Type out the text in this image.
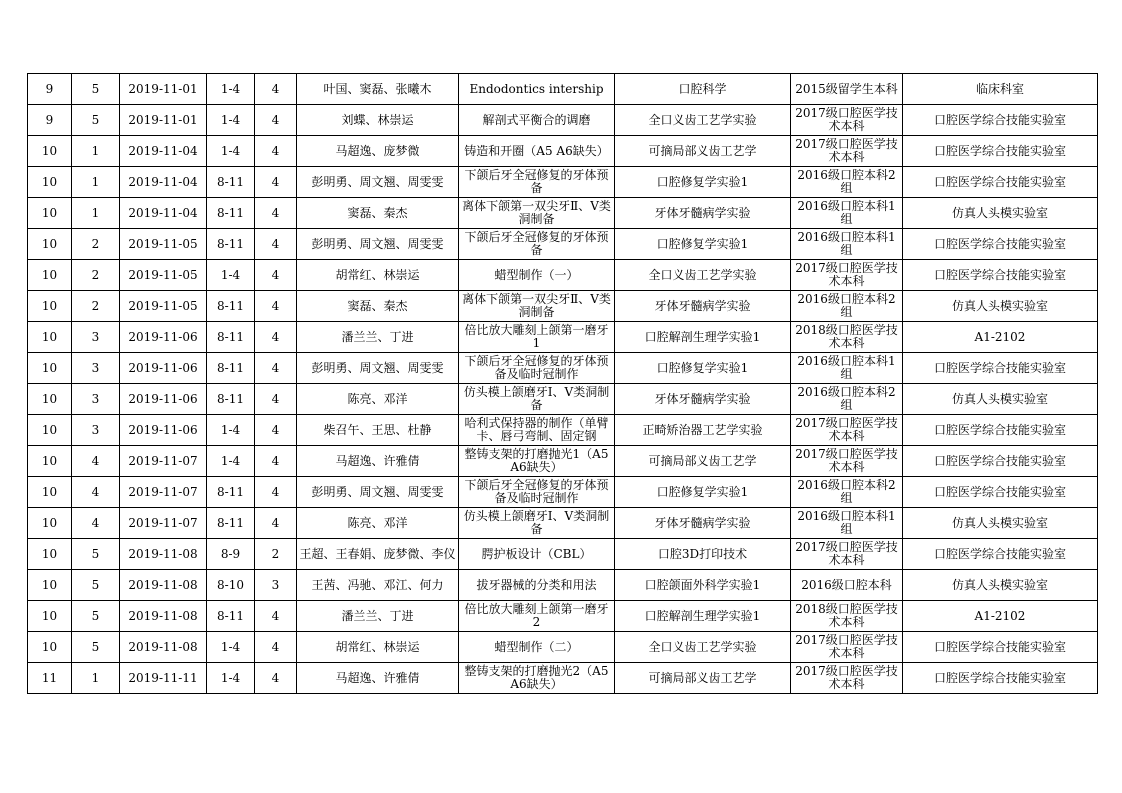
9	5	2019-11-01	1-4	4	叶国、窦磊、张曦木	Endodontics intership	口腔科学	2015级留学生本科	临床科室
9	5	2019-11-01	1-4	4	刘蝶、林崇运	解剖式平衡合的调磨	全口义齿工艺学实验	2017级口腔医学技术本科	口腔医学综合技能实验室
10	1	2019-11-04	1-4	4	马超逸、庞梦微	铸造和开圈（A5 A6缺失）	可摘局部义齿工艺学	2017级口腔医学技术本科	口腔医学综合技能实验室
10	1	2019-11-04	8-11	4	彭明勇、周文翘、周雯雯	下颌后牙全冠修复的牙体预备	口腔修复学实验1	2016级口腔本科2组	口腔医学综合技能实验室
10	1	2019-11-04	8-11	4	窦磊、秦杰	离体下颌第一双尖牙Ⅱ、Ⅴ类洞制备	牙体牙髓病学实验	2016级口腔本科1组	仿真人头模实验室
10	2	2019-11-05	8-11	4	彭明勇、周文翘、周雯雯	下颌后牙全冠修复的牙体预备	口腔修复学实验1	2016级口腔本科1组	口腔医学综合技能实验室
10	2	2019-11-05	1-4	4	胡常红、林崇运	蜡型制作（一）	全口义齿工艺学实验	2017级口腔医学技术本科	口腔医学综合技能实验室
10	2	2019-11-05	8-11	4	窦磊、秦杰	离体下颌第一双尖牙Ⅱ、Ⅴ类洞制备	牙体牙髓病学实验	2016级口腔本科2组	仿真人头模实验室
10	3	2019-11-06	8-11	4	潘兰兰、丁进	倍比放大雕刻上颌第一磨牙1	口腔解剖生理学实验1	2018级口腔医学技术本科	A1-2102
10	3	2019-11-06	8-11	4	彭明勇、周文翘、周雯雯	下颌后牙全冠修复的牙体预备及临时冠制作	口腔修复学实验1	2016级口腔本科1组	口腔医学综合技能实验室
10	3	2019-11-06	8-11	4	陈亮、邓洋	仿头模上颌磨牙Ⅰ、Ⅴ类洞制备	牙体牙髓病学实验	2016级口腔本科2组	仿真人头模实验室
10	3	2019-11-06	1-4	4	柴召午、王思、杜静	哈利式保持器的制作（单臂卡、唇弓弯制、固定钢	正畸矫治器工艺学实验	2017级口腔医学技术本科	口腔医学综合技能实验室
10	4	2019-11-07	1-4	4	马超逸、许雅倩	整铸支架的打磨抛光1（A5 A6缺失）	可摘局部义齿工艺学	2017级口腔医学技术本科	口腔医学综合技能实验室
10	4	2019-11-07	8-11	4	彭明勇、周文翘、周雯雯	下颌后牙全冠修复的牙体预备及临时冠制作	口腔修复学实验1	2016级口腔本科2组	口腔医学综合技能实验室
10	4	2019-11-07	8-11	4	陈亮、邓洋	仿头模上颌磨牙Ⅰ、Ⅴ类洞制备	牙体牙髓病学实验	2016级口腔本科1组	仿真人头模实验室
10	5	2019-11-08	8-9	2	王超、王春娟、庞梦微、李仪	腭护板设计（CBL）	口腔3D打印技术	2017级口腔医学技术本科	口腔医学综合技能实验室
10	5	2019-11-08	8-10	3	王茜、冯驰、邓江、何力	拔牙器械的分类和用法	口腔颌面外科学实验1	2016级口腔本科	仿真人头模实验室
10	5	2019-11-08	8-11	4	潘兰兰、丁进	倍比放大雕刻上颌第一磨牙2	口腔解剖生理学实验1	2018级口腔医学技术本科	A1-2102
10	5	2019-11-08	1-4	4	胡常红、林崇运	蜡型制作（二）	全口义齿工艺学实验	2017级口腔医学技术本科	口腔医学综合技能实验室
11	1	2019-11-11	1-4	4	马超逸、许雅倩	整铸支架的打磨抛光2（A5 A6缺失）	可摘局部义齿工艺学	2017级口腔医学技术本科	口腔医学综合技能实验室
